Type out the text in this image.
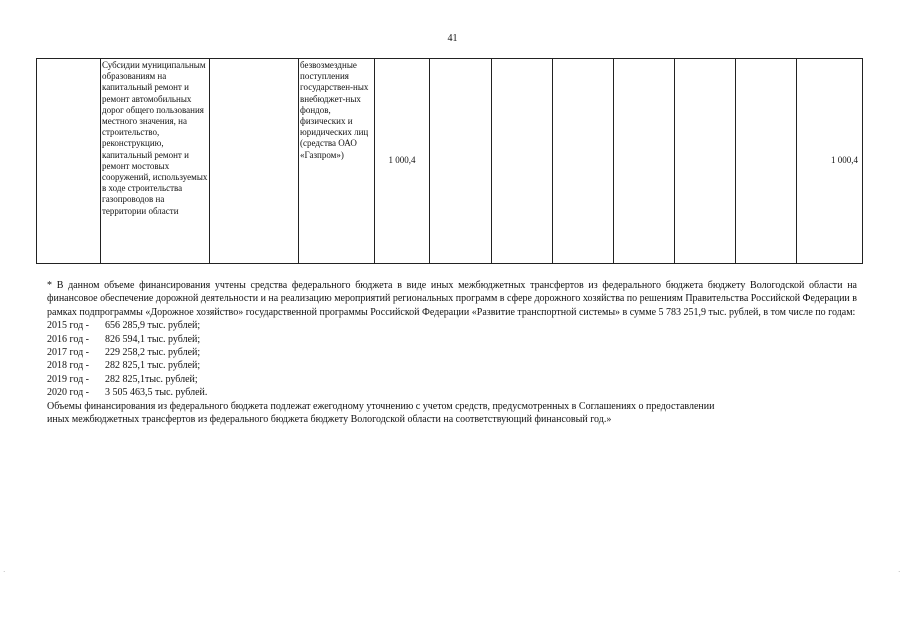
41
	Субсидии муниципальным образованиям на капитальный ремонт и ремонт автомобильных дорог общего пользования местного значения, на строительство, реконструкцию, капитальный ремонт и ремонт мостовых сооружений, используемых в ходе строительства газопроводов на территории области		безвозмездные поступления государствен-ных внебюджет-ных фондов, физических и юридических лиц (средства ОАО «Газпром»)	1 000,4							1 000,4

* В данном объеме финансирования учтены средства федерального бюджета в виде иных межбюджетных трансфертов из федерального бюджета бюджету Вологодской области на финансовое обеспечение дорожной деятельности и на реализацию мероприятий региональных программ в сфере дорожного хозяйства по решениям Правительства Российской Федерации в рамках подпрограммы «Дорожное хозяйство» государственной программы Российской Федерации «Развитие транспортной системы» в сумме 5 783 251,9 тыс. рублей, в том числе по годам:

2015 год -	656 285,9 тыс. рублей;
2016 год -	826 594,1 тыс. рублей;
2017 год -	229 258,2 тыс. рублей;
2018 год -	282 825,1 тыс. рублей;
2019 год -	282 825,1тыс. рублей;
2020 год -	3 505 463,5 тыс. рублей.

Объемы финансирования из федерального бюджета подлежат ежегодному уточнению с учетом средств, предусмотренных в Соглашениях о предоставлении

иных межбюджетных трансфертов из федерального бюджета бюджету Вологодской области на соответствующий финансовый год.»

·	·
